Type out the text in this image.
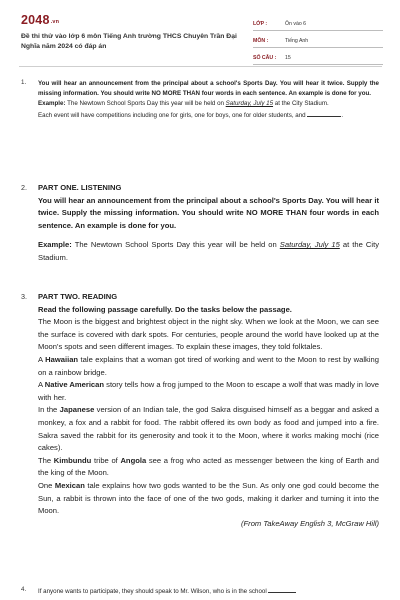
2048.vn
Đề thi thử vào lớp 6 môn Tiếng Anh trường THCS Chuyên Trần Đại Nghĩa năm 2024 có đáp án
LỚP :	Ôn vào 6
MÔN :	Tiếng Anh
SỐ CÂU : 15
1. You will hear an announcement from the principal about a school's Sports Day. You will hear it twice. Supply the missing information. You should write NO MORE THAN four words in each sentence. An example is done for you.

Example: The Newtown School Sports Day this year will be held on Saturday, July 15 at the City Stadium.

Each event will have competitions including one for girls, one for boys, one for older students, and	.

2. PART ONE. LISTENING

You will hear an announcement from the principal about a school's Sports Day. You will hear it twice. Supply the missing information. You should write NO MORE THAN four words in each sentence. An example is done for you.

Example: The Newtown School Sports Day this year will be held on Saturday, July 15 at the City Stadium.

3. PART TWO. READING

Read the following passage carefully. Do the tasks below the passage.

The Moon is the biggest and brightest object in the night sky. When we look at the Moon, we can see the surface is covered with dark spots. For centuries, people around the world have looked up at the Moon's spots and seen different images. To explain these images, they told folktales.

A Hawaiian tale explains that a woman got tired of working and went to the Moon to rest by walking on a rainbow bridge.

A Native American story tells how a frog jumped to the Moon to escape a wolf that was madly in love with her.

In the Japanese version of an Indian tale, the god Sakra disguised himself as a beggar and asked a monkey, a fox and a rabbit for food. The rabbit offered its own body as food and jumped into a fire. Sakra saved the rabbit for its generosity and took it to the Moon, where it works making mochi (rice cakes).

The Kimbundu tribe of Angola see a frog who acted as messenger between the king of Earth and the king of the Moon.

One Mexican tale explains how two gods wanted to be the Sun. As only one god could become the Sun, a rabbit is thrown into the face of one of the two gods, making it darker and turning it into the Moon.

(From TakeAway English 3, McGraw Hill)

4. If anyone wants to participate, they should speak to Mr. Wilson, who is in the school
